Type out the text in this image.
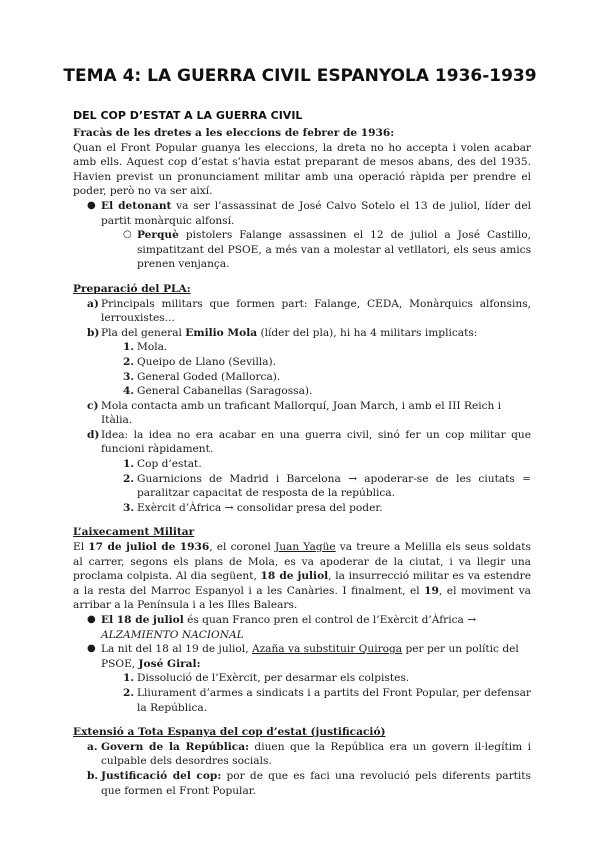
TEMA 4: LA GUERRA CIVIL ESPANYOLA 1936-1939
DEL COP D’ESTAT A LA GUERRA CIVIL

Fracàs de les dretes a les eleccions de febrer de 1936:

Quan el Front Popular guanya les eleccions, la dreta no ho accepta i volen acabar amb ells. Aquest cop d’estat s’havia estat preparant de mesos abans, des del 1935. Havien previst un pronunciament militar amb una operació ràpida per prendre el poder, però no va ser així.

● El detonant va ser l’assassinat de José Calvo Sotelo el 13 de juliol, líder del partit monàrquic alfonsí.
○ Perquè pistolers Falange assassinen el 12 de juliol a José Castillo, simpatitzant del PSOE, a més van a molestar al vetllatori, els seus amics prenen venjança.

Preparació del PLA:

a) Principals militars que formen part: Falange, CEDA, Monàrquics alfonsins, lerrouxistes...
b) Pla del general Emilio Mola (líder del pla), hi ha 4 militars implicats:
1. Mola.
2. Queipo de Llano (Sevilla).
3. General Goded (Mallorca).
4. General Cabanellas (Saragossa).
c) Mola contacta amb un traficant Mallorquí, Joan March, i amb el III Reich i Itàlia.
d) Idea: la idea no era acabar en una guerra civil, sinó fer un cop militar que funcioni ràpidament.
1. Cop d’estat.
2. Guarnicions de Madrid i Barcelona → apoderar-se de les ciutats = paralitzar capacitat de resposta de la república.
3. Exèrcit d’Àfrica → consolidar presa del poder.

L’aixecament Militar

El 17 de juliol de 1936, el coronel Juan Yagüe va treure a Melilla els seus soldats al carrer, segons els plans de Mola, es va apoderar de la ciutat, i va llegir una proclama colpista. Al dia següent, 18 de juliol, la insurrecció militar es va estendre a la resta del Marroc Espanyol i a les Canàries. I finalment, el 19, el moviment va arribar a la Península i a les Illes Balears.

● El 18 de juliol és quan Franco pren el control de l’Exèrcit d’Àfrica → ALZAMIENTO NACIONAL
● La nit del 18 al 19 de juliol, Azaña va substituir Quiroga per per un polític del PSOE, José Giral:
1. Dissolució de l’Exèrcit, per desarmar els colpistes.
2. Lliurament d’armes a sindicats i a partits del Front Popular, per defensar la República.

Extensió a Tota Espanya del cop d’estat (justificació)

a. Govern de la República: diuen que la República era un govern il·legítim i culpable dels desordres socials.
b. Justificació del cop: por de que es faci una revolució pels diferents partits que formen el Front Popular.
